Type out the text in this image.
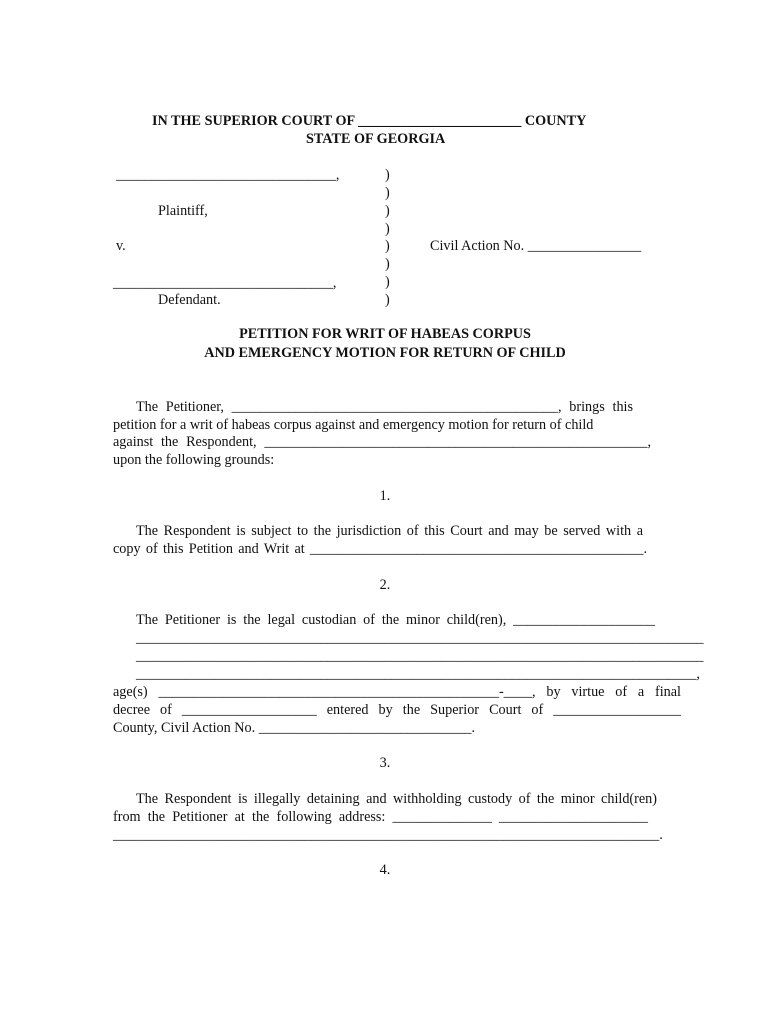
IN THE SUPERIOR COURT OF _______________________ COUNTY
STATE OF GEORGIA
_______________________________,
Plaintiff,
v.
_______________________________,
Defendant.
)
)
)
)
)
)
)
)
Civil Action No. ________________
PETITION FOR WRIT OF HABEAS CORPUS
AND EMERGENCY MOTION FOR RETURN OF CHILD
The Petitioner, ______________________________________________, brings this
petition for a writ of habeas corpus against and emergency motion for return of child
against the Respondent, ______________________________________________________,
upon the following grounds:
1.
The Respondent is subject to the jurisdiction of this Court and may be served with a
copy of this Petition and Writ at _______________________________________________.
2.
The Petitioner is the legal custodian of the minor child(ren), ____________________
________________________________________________________________________________
________________________________________________________________________________
_______________________________________________________________________________,
age(s) ________________________________________________-____, by virtue of a final
decree of ___________________ entered by the Superior Court of __________________
County, Civil Action No. ______________________________.
3.
The Respondent is illegally detaining and withholding custody of the minor child(ren)
from the Petitioner at the following address: ______________ _____________________
_____________________________________________________________________________.
4.
